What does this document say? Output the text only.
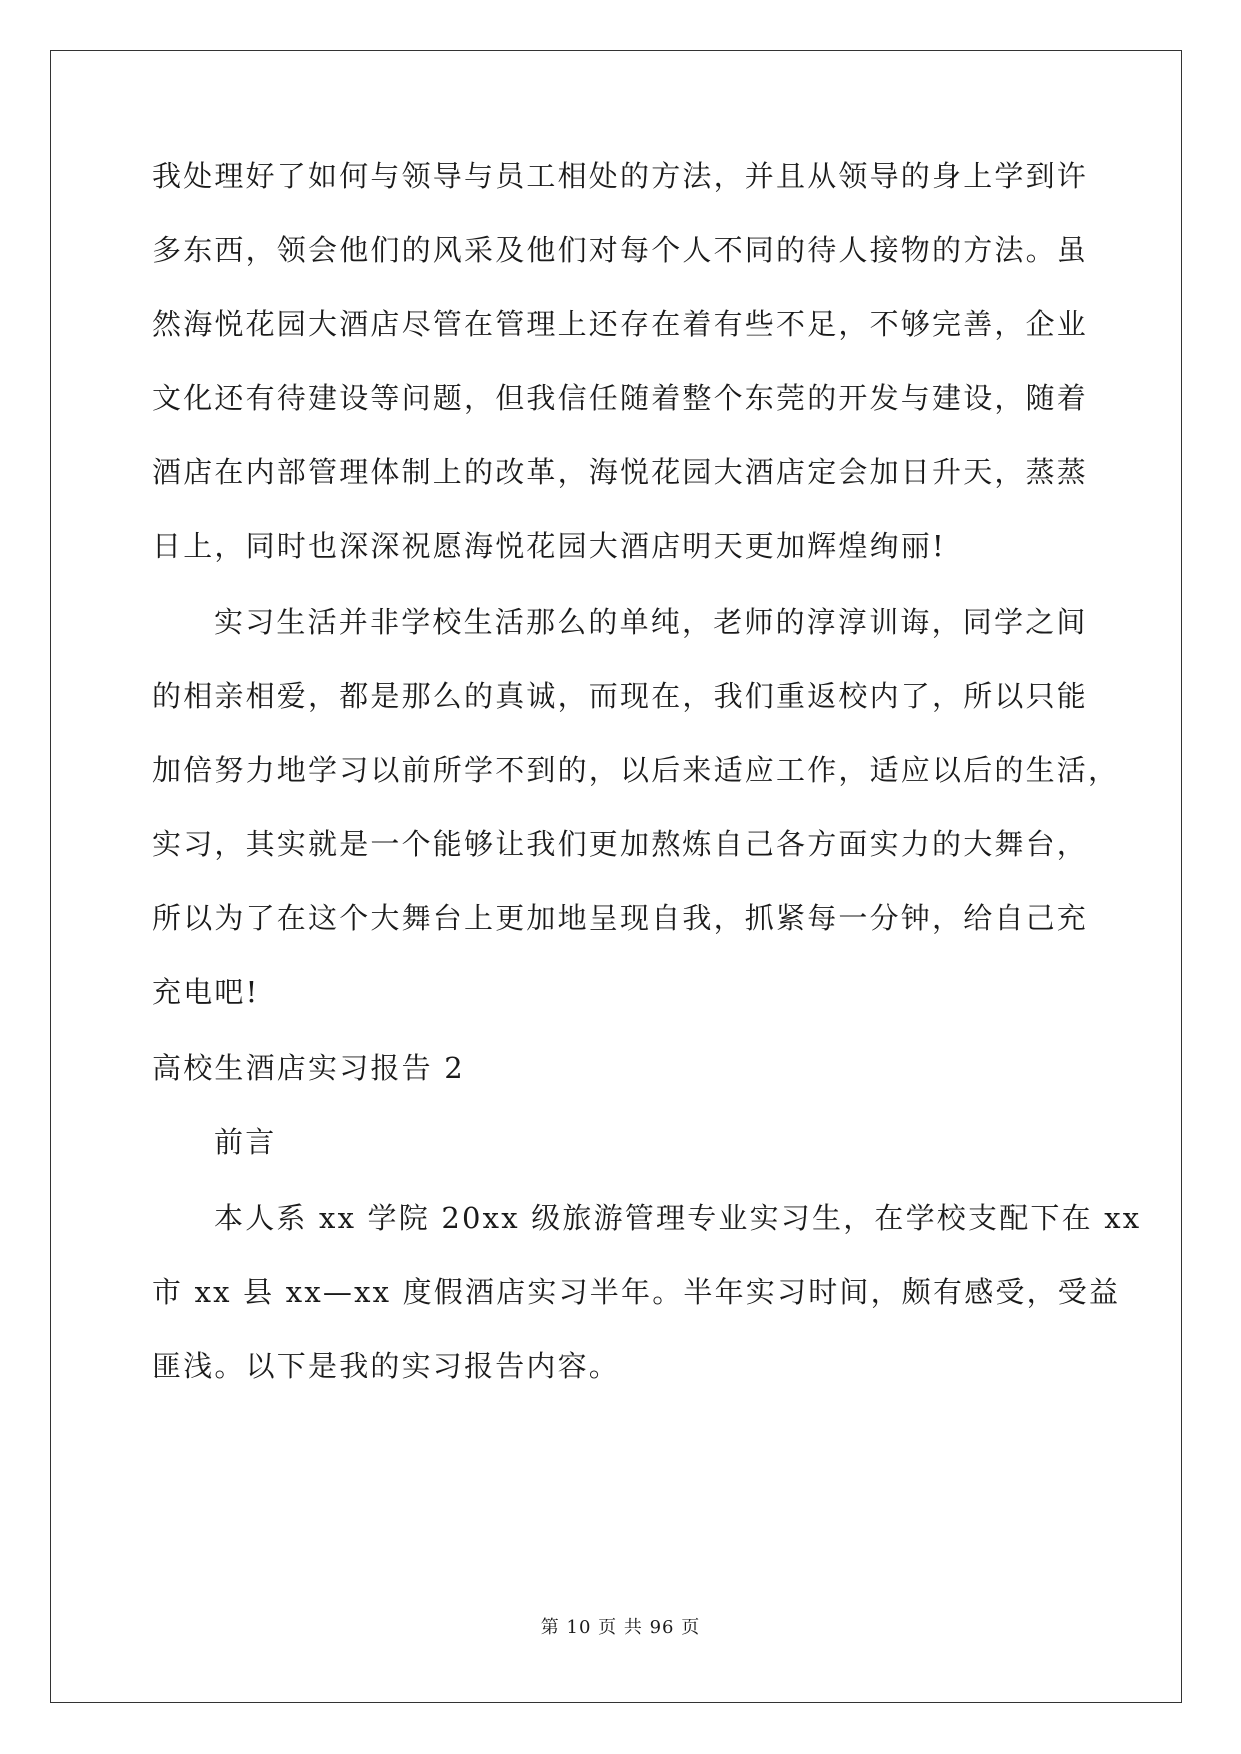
我处理好了如何与领导与员工相处的方法，并且从领导的身上学到许
多东西，领会他们的风采及他们对每个人不同的待人接物的方法。虽
然海悦花园大酒店尽管在管理上还存在着有些不足，不够完善，企业
文化还有待建设等问题，但我信任随着整个东莞的开发与建设，随着
酒店在内部管理体制上的改革，海悦花园大酒店定会加日升天，蒸蒸
日上，同时也深深祝愿海悦花园大酒店明天更加辉煌绚丽!
实习生活并非学校生活那么的单纯，老师的淳淳训诲，同学之间
的相亲相爱，都是那么的真诚，而现在，我们重返校内了，所以只能
加倍努力地学习以前所学不到的，以后来适应工作，适应以后的生活，
实习，其实就是一个能够让我们更加熬炼自己各方面实力的大舞台，
所以为了在这个大舞台上更加地呈现自我，抓紧每一分钟，给自己充
充电吧!
高校生酒店实习报告 2
前言
本人系 xx 学院 20xx 级旅游管理专业实习生，在学校支配下在 xx
市 xx 县 xx—xx 度假酒店实习半年。半年实习时间，颇有感受，受益
匪浅。以下是我的实习报告内容。
第 10 页 共 96 页
